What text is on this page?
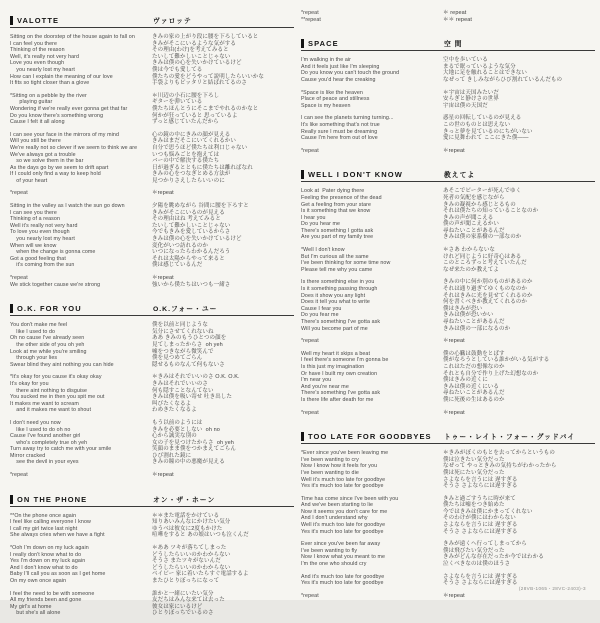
VALOTTE	ヴァロッテ
Sitting on the doorstep of the house again to fall on
I can feel you there
Thinking of the reason
Well, it's really not very hard
Love you even though
you nearly lost my heart
How can I explain the meaning of our love
It fits so tight closer than a glove
*Sitting on a pebble by the river
playing guitar
Wondering if we're really ever gonna get that far
Do you know there's something wrong
Cause I felt it all along
I can see your face in the mirrors of my mind
Will you still be there
We're really not so clever if we seem to think we are
We've always got a trouble
so we solve them in the bar
As the days go by we seem to drift apart
If I could only find a way to keep hold
of your heart
*repeat
Sitting in the valley as I watch the sun go down
I can see you there
Thinking of a reason
Well it's really not very hard
To love you even though
you nearly lost my heart
When will we know
when the change is gonna come
Got a good feeling that
it's coming from the sun
*repeat
We stick together cause we're strong
きみの家の上がり段に腰を下ろしていると
きみがそこにいるような気がする
その理由(わけ)を考えてみると
たいして難かしいことじゃない
きみは僕の心を失いかけているけど
僕は今でも愛してる
僕たちの愛をどうやって説明したらいいかな
手袋よりもピッタリと結ばれてるのさ
＊川辺の小石に腰を下ろし
ギターを弾いている
僕たちほんとうにそこまでやれるのかなと
何かが狂っていると 思っているよ
ずっと感じていたんだから
心の鏡の中にきみの顔が見える
きみはまだそこにいてくれるかい
自分で思うほど僕たちは利口じゃない
いつも悩みごとを抱えては
バーの中で解決する僕たち
日が過ぎるとともに僕たちは離ればなれ
きみの心をつなぎとめる方法が
見つかりさえしたらいいのに
＊repeat
夕陽を眺めながら 谷間に腰を下ろすと
きみがそこにいるのが見える
その理由はね 考えてみると
たいして難かしいことじゃない
今でもきみを愛しているからさ
きみは僕の心を失いかけているけど
変化がいつ訪れるのか
いつになったらわかるんだろう
それは太陽からやって来ると
僕は感じているんだ
＊repeat
強いから僕たちはいつも一緒さ
O.K. FOR YOU	O.K.フォー・ユー
You don't make me feel
like I used to do
Oh no cause I've already seen
the other side of you oh yeh
Look at me while you're smiling
through your lies
Swear blind they aint nothing you can hide
*It's okay for you cause it's okay okay
It's okay for you
there aint nothing to disguise
You sucked me in then you spit me out
It makes me want to scream
and it makes me want to shout
I don't need you now
like I used to do oh no
Cause I've found another girl
who's completely true oh yeh
Turn away try to catch me with your smile
Mirror cracked
see the devil in your eyes
*repeat
僕を以前と同じような
気分にさせてくれないね
ああ きみのもうひとつの顔を
見てしまったからさ  oh yeh
嘘をつきながら微笑んで
僕を見つめてごらん
隠せるものなんて何もないさ
＊きみはそれでいいのさ O.K. O.K.
きみはそれでいいのさ
何も隠すことなんてない
きみは僕を吸い寄せ 吐き出した
叫びたくなるよ
わめきたくなるよ
もう以前のようには
きみを必要としない  oh no
心から誠実な別の
女の子を見つけたからさ  oh yeh
笑顔のまま僕をつかまえてごらん
ひび割れた鏡に
きみの瞳の中の悪魔が見える
＊repeat
ON THE PHONE	オン・ザ・ホーン
**On the phone once again
I feel like calling everyone I know
I call my girl twice last night
She always cries when we have a fight
*Ooh I'm down on my luck again
I really don't know what to do
Yes I'm down on my luck again
And I don't know what to do
Baby I'll call you as soon as I get home
On my own once again
I feel the need to be with someone
All my friends been and gone
My girl's at home
but she's all alone
＊＊また電話をかけている
知りあいみんなにかけたい気分
ゆうべは彼女に2度もかけた
喧嘩をすると あの娘はいつも泣くんだ
＊ああ ツキが落ちてしまった
どうしたらいいのかわからない
そうさ またツキがないんだ
どうしたらいいのかわからない
ベイビー 家に着いたらすぐ電話するよ
またひとりぼっちになって
誰かと一緒にいたい気分
友だちはみんな来ては去った
彼女は家にいるけど
ひとりぼっちでいるのさ
*repeat
**repeat
＊ repeat
＊＊ repeat
SPACE	空 間
I'm walking in the air
And it feels just like I'm sleeping
Do you know you can't touch the ground
Cause you'd hear the creaking
*Space is like the heaven
Place of peace and stillness
Space is my heaven
I can see the planets turning turning...
It's like something that's not true
Really sure I must be dreaming
Cause I'm here from out of love
*repeat
空中を歩いている
まるで眠っているような気分
大地に足を触れることはできない
なぜって きしみながらひび割れているんだもの
＊宇宙は天国みたいだ
安らぎと静けさの世界
宇宙は僕の天国だ
惑星の回転しているのが見える
この世のものとは思えない
きっと夢を見ているのにちがいない
愛に見舞われて ここにきた僕——
＊repeat
WELL I DON'T KNOW	教えてよ
Look at  Pater dying there
Feeling the presence of the dead
Get a feeling from your stare
Is it something that we know
I hear you
Do you hear me
There's something I gotta ask
Are you part of my family tree
*Well I don't know
But I'm curious all the same
I've been thinking for some time now
Please tell me why you came
Is there something else in you
Is it something passing through
Does it show you any light
Does it tell you what to write
Cause I fear you
Do you fear me
There's something I've gotta ask
Will you become part of me
*repeat
Well my heart it skips a beat
I feel there's someone I'm gonna be
Is this just my imagination
Or have I built my own creation
I'm near you
And you're near me
There's something I've gotta ask
Is there life after death for me
*repeat
あそこでピーターが死んでゆく
死者の気配を感じながら
きみの凝視から感じとるもの
それは僕たちの知っていることなのか
きみの声が聞こえる
僕の声が聞こえるかい
尋ねたいことがあるんだ
きみは僕の家系樹の一部なのか
＊さあ わからないな
けれど同じように好奇心はある
このところずっと考えていたんだ
なぜ来たのか教えてよ
きみの中に何か別のものがあるのか
それは通り過ぎてゆくものなのか
それはきみに光を見せてくれるのか
何を書くべきか教えてくれるのか
僕はきみが恐い
きみは僕が恐いかい
尋ねたいことがあるんだ
きみは僕の一部になるのか
＊repeat
僕の心臓は鼓動をとばす
僕がなろうとしている誰かがいる気がする
これはただの想像なのか
それとも自分で作り上げた幻想なのか
僕はきみの近くに
きみは僕の近くにいる
尋ねたいことがあるんだ
僕に死後の生はあるのか
＊repeat
TOO LATE FOR GOODBYES	トゥー・レイト・フォー・グッドバイ
*Ever since you've been leaving me
I've been wanting to cry
Now I know how it feels for you
I've been wanting to die
Well it's much too late for goodbye
Yes it's much too late for goodbye
Time has come since I've been with you
And we've been starting to lie
Now it seems you don't care for me
And I don't understand why
Well it's much too late for goodbye
Yes it's much too late for goodbye
Ever since you've been far away
I've been wanting to fly
Now I know what you meant to me
I'm the one who should cry
And it's much too late for goodbye
Yes it's much too late for goodbye
*repeat
＊きみがぼくのもとを去ってからというもの
僕は泣きたい気分だった
なぜって やっときみの気持ちがわかったから
僕は死にたい気分だった
さよならを言うには 遅すぎる
そうさ さよならには遅すぎる
きみと過ごすうちに時が来て
僕たちは嘘をつき始めた
今ではきみは僕にかまってくれない
そのわけが僕にはわからない
さよならを言うには 遅すぎる
そうさ さよならには遅すぎる
きみが遠くへ行ってしまってから
僕は飛びたい気分だった
きみがどんな存在だったか今ではわかる
泣くべきなのは僕のほうさ
さよならを言うには 遅すぎる
そうさ さよならには遅すぎる
＊repeat
(28VB-1065・28VC-2403)-3
